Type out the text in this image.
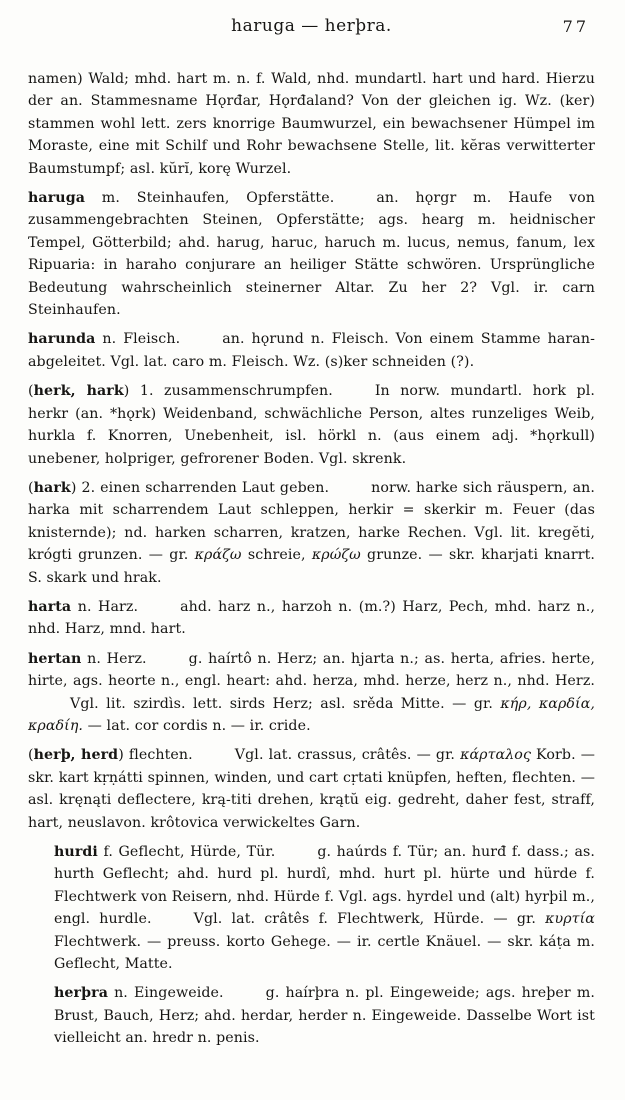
haruga — herþra.	77

namen) Wald; mhd. hart m. n. f. Wald, nhd. mundartl. hart und hard. Hierzu der an. Stammesname Hǫrđar, Hǫrđaland? Von der gleichen ig. Wz. (ker) stammen wohl lett. zers knorrige Baumwurzel, ein bewachsener Hümpel im Moraste, eine mit Schilf und Rohr bewachsene Stelle, lit. kĕras verwitterter Baumstumpf; asl. kŭrĭ, korę Wurzel.

haruga m. Steinhaufen, Opferstätte.	an. hǫrgr m. Haufe von zusammengebrachten Steinen, Opferstätte; ags. hearg m. heidnischer Tempel, Götterbild; ahd. harug, haruc, haruch m. lucus, nemus, fanum, lex Ripuaria: in haraho conjurare an heiliger Stätte schwören. Ursprüngliche Bedeutung wahrscheinlich steinerner Altar. Zu her 2? Vgl. ir. carn Steinhaufen.

harunda n. Fleisch.	an. hǫrund n. Fleisch. Von einem Stamme haran- abgeleitet. Vgl. lat. caro m. Fleisch. Wz. (s)ker schneiden (?).

(herk, hark) 1. zusammenschrumpfen.	In norw. mundartl. hork pl. herkr (an. *hǫrk) Weidenband, schwächliche Person, altes runzeliges Weib, hurkla f. Knorren, Unebenheit, isl. hörkl n. (aus einem adj. *hǫrkull) unebener, holpriger, gefrorener Boden. Vgl. skrenk.

(hark) 2. einen scharrenden Laut geben.	norw. harke sich räuspern, an. harka mit scharrendem Laut schleppen, herkir = skerkir m. Feuer (das knisternde); nd. harken scharren, kratzen, harke Rechen. Vgl. lit. kregĕti, krógti grunzen. — gr. κράζω schreie, κρώζω grunze. — skr. kharjati knarrt. S. skark und hrak.

harta n. Harz.	ahd. harz n., harzoh n. (m.?) Harz, Pech, mhd. harz n., nhd. Harz, mnd. hart.

hertan n. Herz.	g. haírtô n. Herz; an. hjarta n.; as. herta, afries. herte, hirte, ags. heorte n., engl. heart: ahd. herza, mhd. herze, herz n., nhd. Herz.Vgl. lit. szirdìs. lett. sirds Herz; asl. srěda Mitte. — gr. κήρ, καρδία, κραδίη. — lat. cor cordis n. — ir. cride.

(herþ, herd) flechten.	Vgl. lat. crassus, crâtês. — gr. κάρταλος Korb. — skr. kart kṛṇátti spinnen, winden, und cart cṛtati knüpfen, heften, flechten. — asl. kręnąti deflectere, krą-titi drehen, krątŭ eig. gedreht, daher fest, straff, hart, neuslavon. krôtovica verwickeltes Garn.

hurdi f. Geflecht, Hürde, Tür.	g. haúrds f. Tür; an. hurđ f. dass.; as. hurth Geflecht; ahd. hurd pl. hurdî, mhd. hurt pl. hürte und hürde f. Flechtwerk von Reisern, nhd. Hürde f. Vgl. ags. hyrdel und (alt) hyrþil m., engl. hurdle.	Vgl. lat. crâtês f. Flechtwerk, Hürde. — gr. κυρτία Flechtwerk. — preuss. korto Gehege. — ir. certle Knäuel. — skr. káṭa m. Geflecht, Matte.

herþra n. Eingeweide.	g. haírþra n. pl. Eingeweide; ags. hreþer m. Brust, Bauch, Herz; ahd. herdar, herder n. Eingeweide. Dasselbe Wort ist vielleicht an. hredr n. penis.
